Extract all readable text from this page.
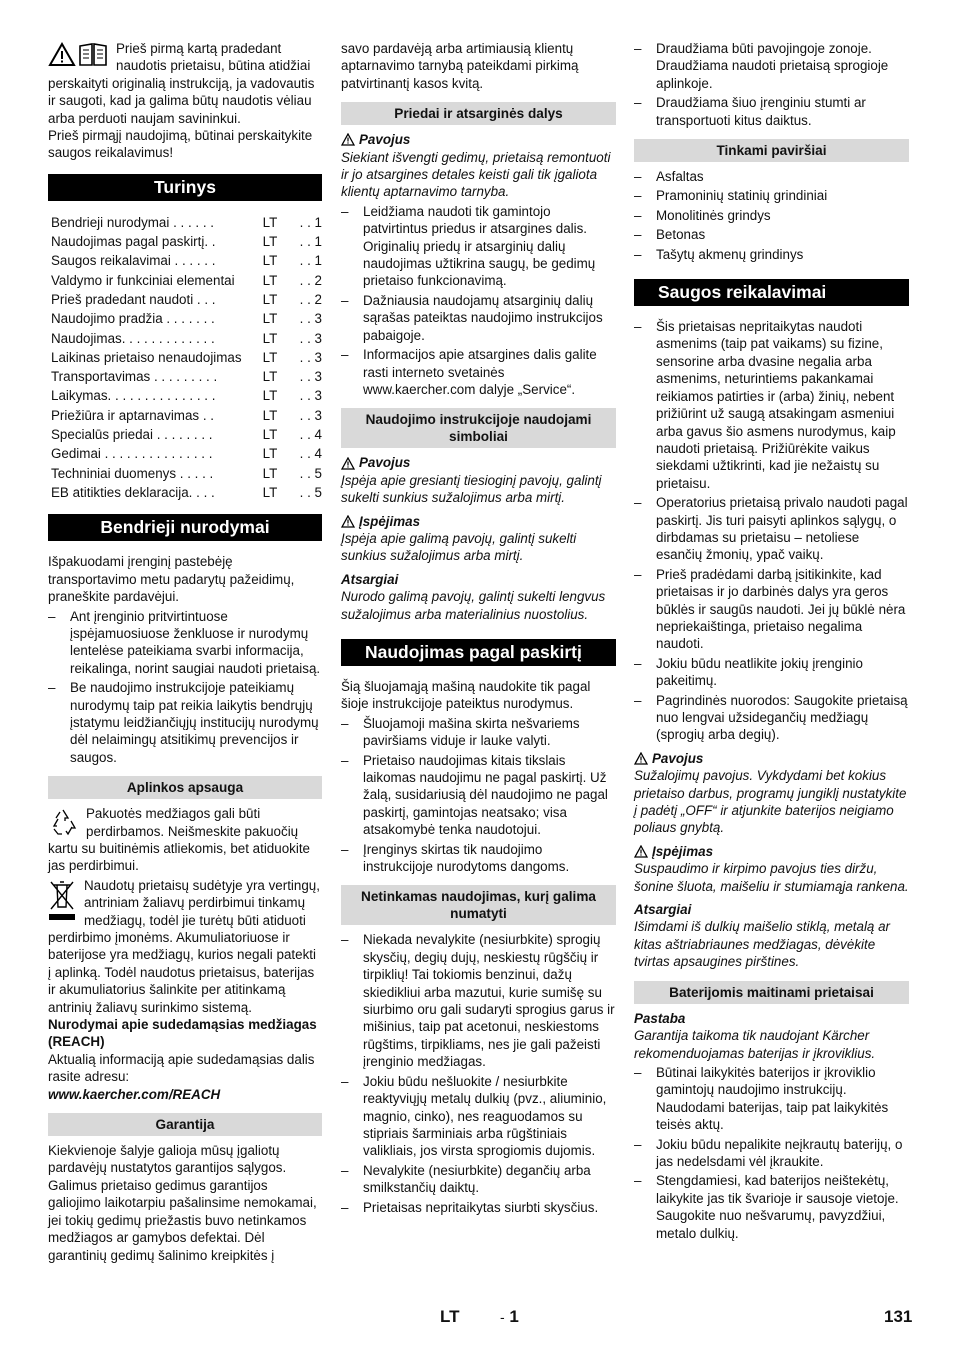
Prieš pirmą kartą pradedant naudotis prietaisu, būtina atidžiai perskaityti originalią instrukciją, ja vadovautis ir saugoti, kad ja galima būtų naudotis vėliau arba perduoti naujam savininkui.

Prieš pirmąjį naudojimą, būtinai perskaitykite saugos reikalavimus!

Turinys
Bendrieji nurodymai . . . . . .	LT	. . 1
Naudojimas pagal paskirtį. .	LT	. . 1
Saugos reikalavimai . . . . . .	LT	. . 1
Valdymo ir funkciniai elementai	LT	. . 2
Prieš pradedant naudoti . . .	LT	. . 2
Naudojimo pradžia . . . . . . .	LT	. . 3
Naudojimas. . . . . . . . . . . . .	LT	. . 3
Laikinas prietaiso nenaudojimas	LT	. . 3
Transportavimas . . . . . . . . .	LT	. . 3
Laikymas. . . . . . . . . . . . . . .	LT	. . 3
Priežiūra ir aptarnavimas . .	LT	. . 3
Specialūs priedai . . . . . . . .	LT	. . 4
Gedimai . . . . . . . . . . . . . . .	LT	. . 4
Techniniai duomenys . . . . .	LT	. . 5
EB atitikties deklaracija. . . .	LT	. . 5
Bendrieji nurodymai

Išpakuodami įrenginį pastebėję transportavimo metu padarytų pažeidimų, praneškite pardavėjui.

– Ant įrenginio pritvirtintuose įspėjamuosiuose ženkluose ir nurodymų lentelėse pateikiama svarbi informacija, reikalinga, norint saugiai naudoti prietaisą.
– Be naudojimo instrukcijoje pateikiamų nurodymų taip pat reikia laikytis bendrųjų įstatymu leidžiančiųjų institucijų nurodymų dėl nelaimingų atsitikimų prevencijos ir saugos.
Aplinkos apsauga

Pakuotės medžiagos gali būti perdirbamos. Neišmeskite pakuočių kartu su buitinėmis atliekomis, bet atiduokite jas perdirbimui.

Naudotų prietaisų sudėtyje yra vertingų, antriniam žaliavų perdirbimui tinkamų medžiagų, todėl jie turėtų būti atiduoti perdirbimo įmonėms. Akumuliatoriuose ir baterijose yra medžiagų, kurios negali patekti į aplinką. Todėl naudotus prietaisus, baterijas ir akumuliatorius šalinkite per atitinkamą antrinių žaliavų surinkimo sistemą.

Nurodymai apie sudedamąsias medžiagas (REACH)

Aktualią informaciją apie sudedamąsias dalis rasite adresu:

www.kaercher.com/REACH

Garantija

Kiekvienoje šalyje galioja mūsų įgaliotų pardavėjų nustatytos garantijos sąlygos. Galimus prietaiso gedimus garantijos galiojimo laikotarpiu pašalinsime nemokamai, jei tokių gedimų priežastis buvo netinkamos medžiagos ar gamybos defektai. Dėl garantinių gedimų šalinimo kreipkitės į

savo pardavėją arba artimiausią klientų aptarnavimo tarnybą pateikdami pirkimą patvirtinantį kasos kvitą.

Priedai ir atsarginės dalys
Pavojus

Siekiant išvengti gedimų, prietaisą remontuoti ir jo atsargines detales keisti gali tik įgaliota klientų aptarnavimo tarnyba.

– Leidžiama naudoti tik gamintojo patvirtintus priedus ir atsargines dalis. Originalių priedų ir atsarginių dalių naudojimas užtikrina saugų, be gedimų prietaiso funkcionavimą.
– Dažniausia naudojamų atsarginių dalių sąrašas pateiktas naudojimo instrukcijos pabaigoje.
– Informacijos apie atsargines dalis galite rasti interneto svetainės www.kaercher.com dalyje „Service“.
Naudojimo instrukcijoje naudojami simboliai
Pavojus

Įspėja apie gresiantį tiesioginį pavojų, galintį sukelti sunkius sužalojimus arba mirtį.

Įspėjimas

Įspėja apie galimą pavojų, galintį sukelti sunkius sužalojimus arba mirtį.

Atsargiai

Nurodo galimą pavojų, galintį sukelti lengvus sužalojimus arba materialinius nuostolius.

Naudojimas pagal paskirtį

Šią šluojamąją mašiną naudokite tik pagal šioje instrukcijoje pateiktus nurodymus.

– Šluojamoji mašina skirta nešvariems paviršiams viduje ir lauke valyti.
– Prietaiso naudojimas kitais tikslais laikomas naudojimu ne pagal paskirtį. Už žalą, susidariusią dėl naudojimo ne pagal paskirtį, gamintojas neatsako; visa atsakomybė tenka naudotojui.
– Įrenginys skirtas tik naudojimo instrukcijoje nurodytoms dangoms.
Netinkamas naudojimas, kurį galima numatyti
– Niekada nevalykite (nesiurbkite) sprogių skysčių, degių dujų, neskiestų rūgščių ir tirpiklių! Tai tokiomis benzinui, dažų skiedikliui arba mazutui, kurie sumišę su siurbimo oru gali sudaryti sprogius garus ir mišinius, taip pat acetonui, neskiestoms rūgštims, tirpikliams, nes jie gali pažeisti įrenginio medžiagas.
– Jokiu būdu nešluokite / nesiurbkite reaktyviųjų metalų dulkių (pvz., aliuminio, magnio, cinko), nes reaguodamos su stipriais šarminiais arba rūgštiniais valikliais, jos virsta sprogiomis dujomis.
– Nevalykite (nesiurbkite) degančių arba smilkstančių daiktų.
– Prietaisas nepritaikytas siurbti skysčius.
– Draudžiama būti pavojingoje zonoje. Draudžiama naudoti prietaisą sprogioje aplinkoje.
– Draudžiama šiuo įrenginiu stumti ar transportuoti kitus daiktus.
Tinkami paviršiai
– Asfaltas
– Pramoninių statinių grindiniai
– Monolitinės grindys
– Betonas
– Tašytų akmenų grindinys
Saugos reikalavimai
– Šis prietaisas nepritaikytas naudoti asmenims (taip pat vaikams) su fizine, sensorine arba dvasine negalia arba asmenims, neturintiems pakankamai reikiamos patirties ir (arba) žinių, nebent prižiūrint už saugą atsakingam asmeniui arba gavus šio asmens nurodymus, kaip naudoti prietaisą. Prižiūrėkite vaikus siekdami užtikrinti, kad jie nežaistų su prietaisu.
– Operatorius prietaisą privalo naudoti pagal paskirtį. Jis turi paisyti aplinkos sąlygų, o dirbdamas su prietaisu – netoliese esančių žmonių, ypač vaikų.
– Prieš pradėdami darbą įsitikinkite, kad prietaisas ir jo darbinės dalys yra geros būklės ir saugūs naudoti. Jei jų būklė nėra nepriekaištinga, prietaiso negalima naudoti.
– Jokiu būdu neatlikite jokių įrenginio pakeitimų.
– Pagrindinės nuorodos: Saugokite prietaisą nuo lengvai užsidegančių medžiagų (sprogių arba degių).
Pavojus

Sužalojimų pavojus. Vykdydami bet kokius prietaiso darbus, programų jungiklį nustatykite į padėtį „OFF“ ir atjunkite baterijos neigiamo poliaus gnybtą.

Įspėjimas

Suspaudimo ir kirpimo pavojus ties diržu, šonine šluota, maišeliu ir stumiamąja rankena.

Atsargiai

Išimdami iš dulkių maišelio stiklą, metalą ar kitas aštriabriaunes medžiagas, dėvėkite tvirtas apsaugines pirštines.

Baterijomis maitinami prietaisai
Pastaba

Garantija taikoma tik naudojant Kärcher rekomenduojamas baterijas ir įkroviklius.

– Būtinai laikykitės baterijos ir įkroviklio gamintojų naudojimo instrukcijų. Naudodami baterijas, taip pat laikykitės teisės aktų.
– Jokiu būdu nepalikite neįkrautų baterijų, o jas nedelsdami vėl įkraukite.
– Stengdamiesi, kad baterijos neištekėtų, laikykite jas tik švarioje ir sausoje vietoje. Saugokite nuo nešvarumų, pavyzdžiui, metalo dulkių.
LT	- 1	131
